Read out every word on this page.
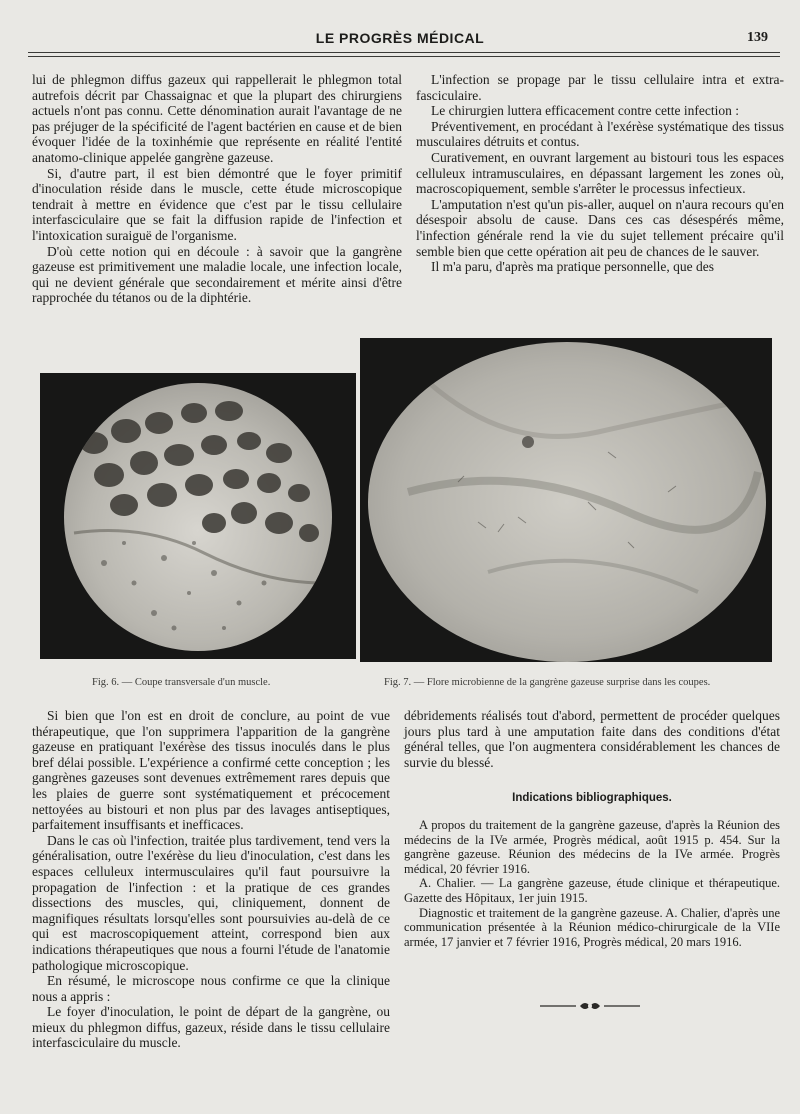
LE PROGRÈS MÉDICAL	139

lui de phlegmon diffus gazeux qui rappellerait le phlegmon total autrefois décrit par Chassaignac et que la plupart des chirurgiens actuels n'ont pas connu. Cette dénomination aurait l'avantage de ne pas préjuger de la spécificité de l'agent bactérien en cause et de bien évoquer l'idée de la toxinhémie que représente en réalité l'entité anatomo-clinique appelée gangrène gazeuse.

Si, d'autre part, il est bien démontré que le foyer primitif d'inoculation réside dans le muscle, cette étude microscopique tendrait à mettre en évidence que c'est par le tissu cellulaire interfasciculaire que se fait la diffusion rapide de l'infection et l'intoxication suraiguë de l'organisme.

D'où cette notion qui en découle : à savoir que la gangrène gazeuse est primitivement une maladie locale, une infection locale, qui ne devient générale que secondairement et mérite ainsi d'être rapprochée du tétanos ou de la diphtérie.

L'infection se propage par le tissu cellulaire intra et extra-fasciculaire.

Le chirurgien luttera efficacement contre cette infection :

Préventivement, en procédant à l'exérèse systématique des tissus musculaires détruits et contus.

Curativement, en ouvrant largement au bistouri tous les espaces celluleux intramusculaires, en dépassant largement les zones où, macroscopiquement, semble s'arrêter le processus infectieux.

L'amputation n'est qu'un pis-aller, auquel on n'aura recours qu'en désespoir absolu de cause. Dans ces cas désespérés même, l'infection générale rend la vie du sujet tellement précaire qu'il semble bien que cette opération ait peu de chances de le sauver.

Il m'a paru, d'après ma pratique personnelle, que des

Fig. 6. — Coupe transversale d'un muscle.	Fig. 7. — Flore microbienne de la gangrène gazeuse surprise dans les coupes.

Si bien que l'on est en droit de conclure, au point de vue thérapeutique, que l'on supprimera l'apparition de la gangrène gazeuse en pratiquant l'exérèse des tissus inoculés dans le plus bref délai possible. L'expérience a confirmé cette conception ; les gangrènes gazeuses sont devenues extrêmement rares depuis que les plaies de guerre sont systématiquement et précocement nettoyées au bistouri et non plus par des lavages antiseptiques, parfaitement insuffisants et inefficaces.

Dans le cas où l'infection, traitée plus tardivement, tend vers la généralisation, outre l'exérèse du lieu d'inoculation, c'est dans les espaces celluleux intermusculaires qu'il faut poursuivre la propagation de l'infection : et la pratique de ces grandes dissections des muscles, qui, cliniquement, donnent de magnifiques résultats lorsqu'elles sont poursuivies au-delà de ce qui est macroscopiquement atteint, correspond bien aux indications thérapeutiques que nous a fourni l'étude de l'anatomie pathologique microscopique.

En résumé, le microscope nous confirme ce que la clinique nous a appris :

Le foyer d'inoculation, le point de départ de la gangrène, ou mieux du phlegmon diffus, gazeux, réside dans le tissu cellulaire interfasciculaire du muscle.

débridements réalisés tout d'abord, permettent de procéder quelques jours plus tard à une amputation faite dans des conditions d'état général telles, que l'on augmentera considérablement les chances de survie du blessé.

Indications bibliographiques.

A propos du traitement de la gangrène gazeuse, d'après la Réunion des médecins de la IVe armée, Progrès médical, août 1915 p. 454. Sur la gangrène gazeuse. Réunion des médecins de la IVe armée. Progrès médical, 20 février 1916.

A. Chalier. — La gangrène gazeuse, étude clinique et thérapeutique. Gazette des Hôpitaux, 1er juin 1915.

Diagnostic et traitement de la gangrène gazeuse. A. Chalier, d'après une communication présentée à la Réunion médico-chirurgicale de la VIIe armée, 17 janvier et 7 février 1916, Progrès médical, 20 mars 1916.
